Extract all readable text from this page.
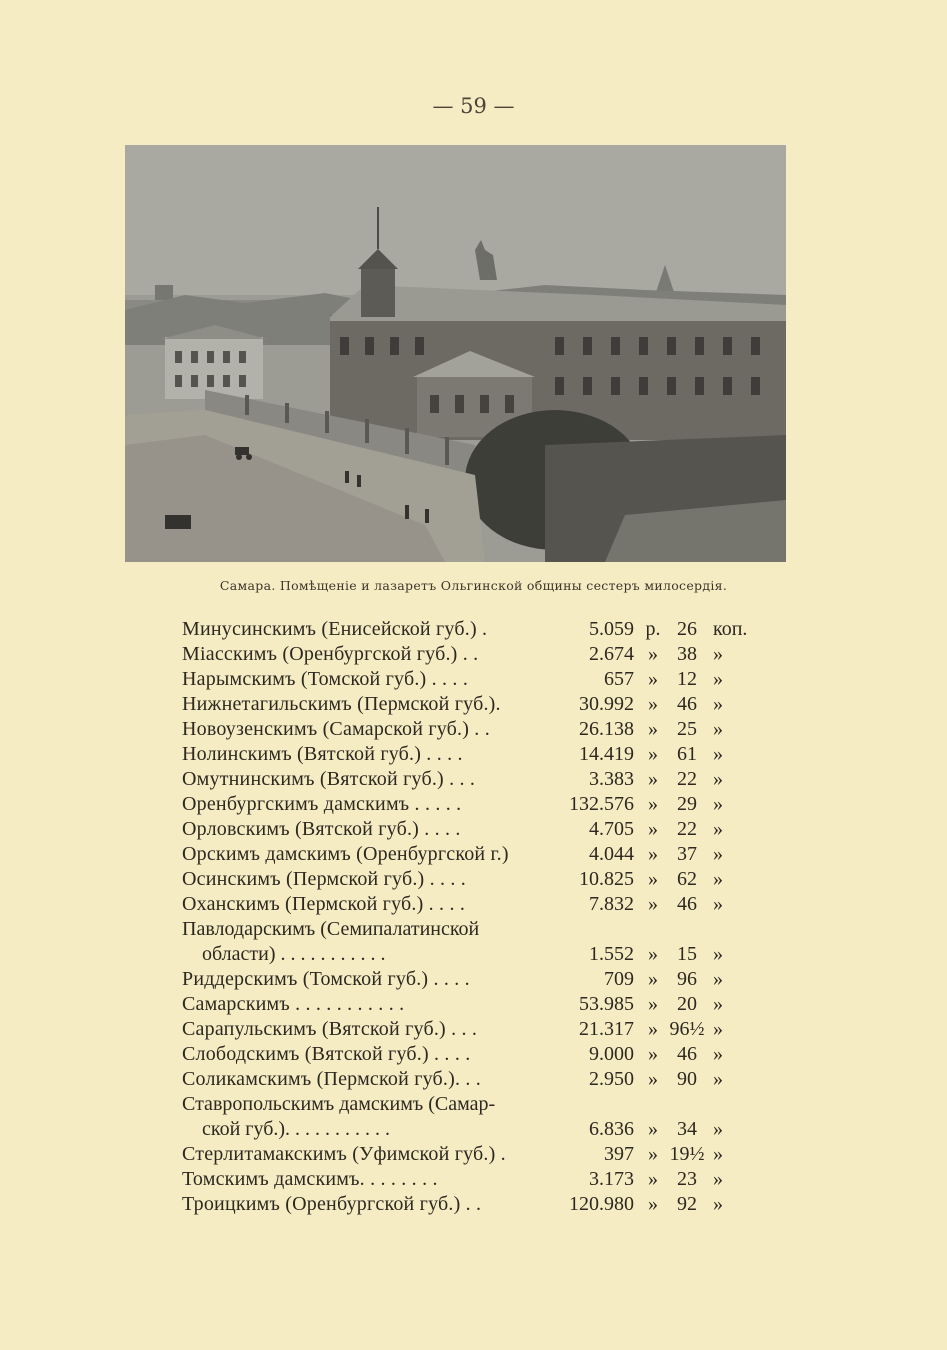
— 59 —
Самара. Помѣщеніе и лазаретъ Ольгинской общины сестеръ милосердія.
Минусинскимъ (Енисейской губ.) .	5.059 р. 26 коп.
Міасскимъ (Оренбургской губ.) . .	2.674 » 38 »
Нарымскимъ (Томской губ.) . . . .	657 » 12 »
Нижнетагильскимъ (Пермской губ.).	30.992 » 46 »
Новоузенскимъ (Самарской губ.) . .	26.138 » 25 »
Нолинскимъ (Вятской губ.) . . . .	14.419 » 61 »
Омутнинскимъ (Вятской губ.) . . .	3.383 » 22 »
Оренбургскимъ дамскимъ . . . . .	132.576 » 29 »
Орловскимъ (Вятской губ.) . . . .	4.705 » 22 »
Орскимъ дамскимъ (Оренбургской г.)	4.044 » 37 »
Осинскимъ (Пермской губ.) . . . .	10.825 » 62 »
Оханскимъ (Пермской губ.) . . . .	7.832 » 46 »
Павлодарскимъ (Семипалатинской
области) . . . . . . . . . . .	1.552 » 15 »
Риддерскимъ (Томской губ.) . . . .	709 » 96 »
Самарскимъ . . . . . . . . . . .	53.985 » 20 »
Сарапульскимъ (Вятской губ.) . . .	21.317 » 96½ »
Слободскимъ (Вятской губ.) . . . .	9.000 » 46 »
Соликамскимъ (Пермской губ.). . .	2.950 » 90 »
Ставропольскимъ дамскимъ (Самар-
ской губ.). . . . . . . . . . .	6.836 » 34 »
Стерлитамакскимъ (Уфимской губ.) .	397 » 19½ »
Томскимъ дамскимъ. . . . . . . .	3.173 » 23 »
Троицкимъ (Оренбургской губ.) . .	120.980 » 92 »
